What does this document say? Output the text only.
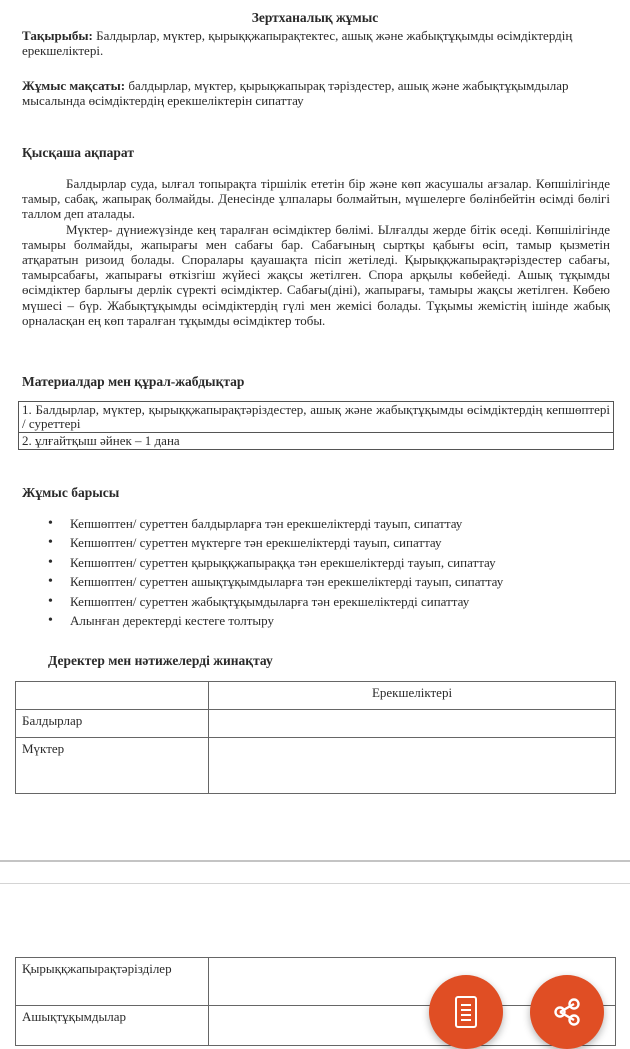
Зертханалық жұмыс
Тақырыбы: Балдырлар, мүктер, қырыққжапырақтектес, ашық және жабықтұқымды өсімдіктердің ерекшеліктері.
Жұмыс мақсаты: балдырлар, мүктер, қырықжапырақ тәріздестер, ашық және жабықтұқымдылар мысалында өсімдіктердің ерекшеліктерін сипаттау
Қысқаша ақпарат

Балдырлар суда, ылғал топырақта тіршілік ететін бір және көп жасушалы ағзалар. Көпшілігінде тамыр, сабақ, жапырақ болмайды. Денесінде ұлпалары болмайтын, мүшелерге бөлінбейтін өсімді бөлігі таллом деп аталады.

Мүктер- дүниежүзінде кең таралған өсімдіктер бөлімі. Ылғалды жерде бітік өседі. Көпшілігінде тамыры болмайды, жапырағы мен сабағы бар. Сабағының сыртқы қабығы өсіп, тамыр қызметін атқаратын ризоид болады. Споралары қауашақта пісіп жетіледі. Қырыққжапырақтәріздестер сабағы, тамырсабағы, жапырағы өткізгіш жүйесі жақсы жетілген. Спора арқылы көбейеді. Ашық тұқымды өсімдіктер барлығы дерлік сүректі өсімдіктер. Сабағы(діні), жапырағы, тамыры жақсы жетілген. Көбею мүшесі – бүр. Жабықтұқымды өсімдіктердің гүлі мен жемісі болады. Тұқымы жемістің ішінде жабық орналасқан ең көп таралған тұқымды өсімдіктер тобы.

Материалдар мен құрал-жабдықтар
1. Балдырлар, мүктер, қырыққжапырақтәріздестер, ашық және жабықтұқымды өсімдіктердің кепшөптері / суреттері
2. ұлғайтқыш әйнек – 1 дана
Жұмыс барысы
• Кепшөптен/ суреттен балдырларға тән ерекшеліктерді тауып, сипаттау
• Кепшөптен/ суреттен мүктерге тән ерекшеліктерді тауып, сипаттау
• Кепшөптен/ суреттен қырыққжапыраққа тән ерекшеліктерді тауып, сипаттау
• Кепшөптен/ суреттен ашықтұқымдыларға тән ерекшеліктерді тауып, сипаттау
• Кепшөптен/ суреттен жабықтұқымдыларға тән ерекшеліктерді сипаттау
• Алынған деректерді кестеге толтыру
Деректер мен нәтижелерді жинақтау
	Ерекшеліктері
Балдырлар	
Мүктер	
Қырыққжапырақтәрізділер	
Ашықтұқымдылар	
